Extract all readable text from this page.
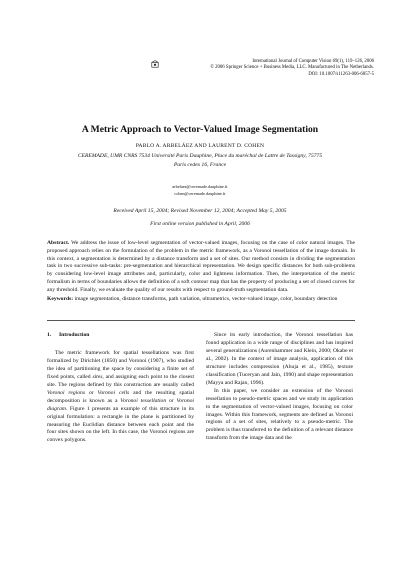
International Journal of Computer Vision 69(1), 119–126, 2006
© 2006 Springer Science + Business Media, LLC. Manufactured in The Netherlands.
DOI: 10.1007/s11263-006-6857-5
A Metric Approach to Vector-Valued Image Segmentation
PABLO A. ARBELÁEZ AND LAURENT D. COHEN
CEREMADE, UMR CNRS 7534 Université Paris Dauphine, Place du maréchal de Lattre de Tassigny, 75775
Paris cedex 16, France
arbelaez@ceremade.dauphine.fr
cohen@ceremade.dauphine.fr
Received April 15, 2004; Revised November 12, 2004; Accepted May 5, 2005
First online version published in April, 2006
Abstract. We address the issue of low-level segmentation of vector-valued images, focusing on the case of color natural images. The proposed approach relies on the formulation of the problem in the metric framework, as a Voronoi tessellation of the image domain. In this context, a segmentation is determined by a distance transform and a set of sites. Our method consists in dividing the segmentation task in two successive sub-tasks: pre-segmentation and hierarchical representation. We design specific distances for both sub-problems by considering low-level image attributes and, particularly, color and lightness information. Then, the interpretation of the metric formalism in terms of boundaries allows the definition of a soft contour map that has the property of producing a set of closed curves for any threshold. Finally, we evaluate the quality of our results with respect to ground-truth segmentation data.
Keywords: image segmentation, distance transforms, path variation, ultrametrics, vector-valued image, color, boundary detection

1. Introduction

The metric framework for spatial tessellations was first formalized by Dirichlet (1850) and Voronoi (1907), who studied the idea of partitioning the space by considering a finite set of fixed points, called sites, and assigning each point to the closest site. The regions defined by this construction are usually called Voronoi regions or Voronoi cells and the resulting spatial decomposition is known as a Voronoi tessellation or Voronoi diagram. Figure 1 presents an example of this structure in its original formulation: a rectangle in the plane is partitioned by measuring the Euclidian distance between each point and the four sites shown on the left. In this case, the Voronoi regions are convex polygons.

Since its early introduction, the Voronoi tessellation has found application in a wide range of disciplines and has inspired several generalizations (Aurenhammer and Klein, 2000; Okabe et al., 2002). In the context of image analysis, application of this structure includes compression (Ahuja et al., 1985), texture classification (Tuceryan and Jain, 1990) and shape representation (Mayya and Rajan, 1996).

In this paper, we consider an extension of the Voronoi tessellation to pseudo-metric spaces and we study its application to the segmentation of vector-valued images, focusing on color images. Within this framework, segments are defined as Voronoi regions of a set of sites, relatively to a pseudo-metric. The problem is thus transferred to the definition of a relevant distance transform from the image data and the
